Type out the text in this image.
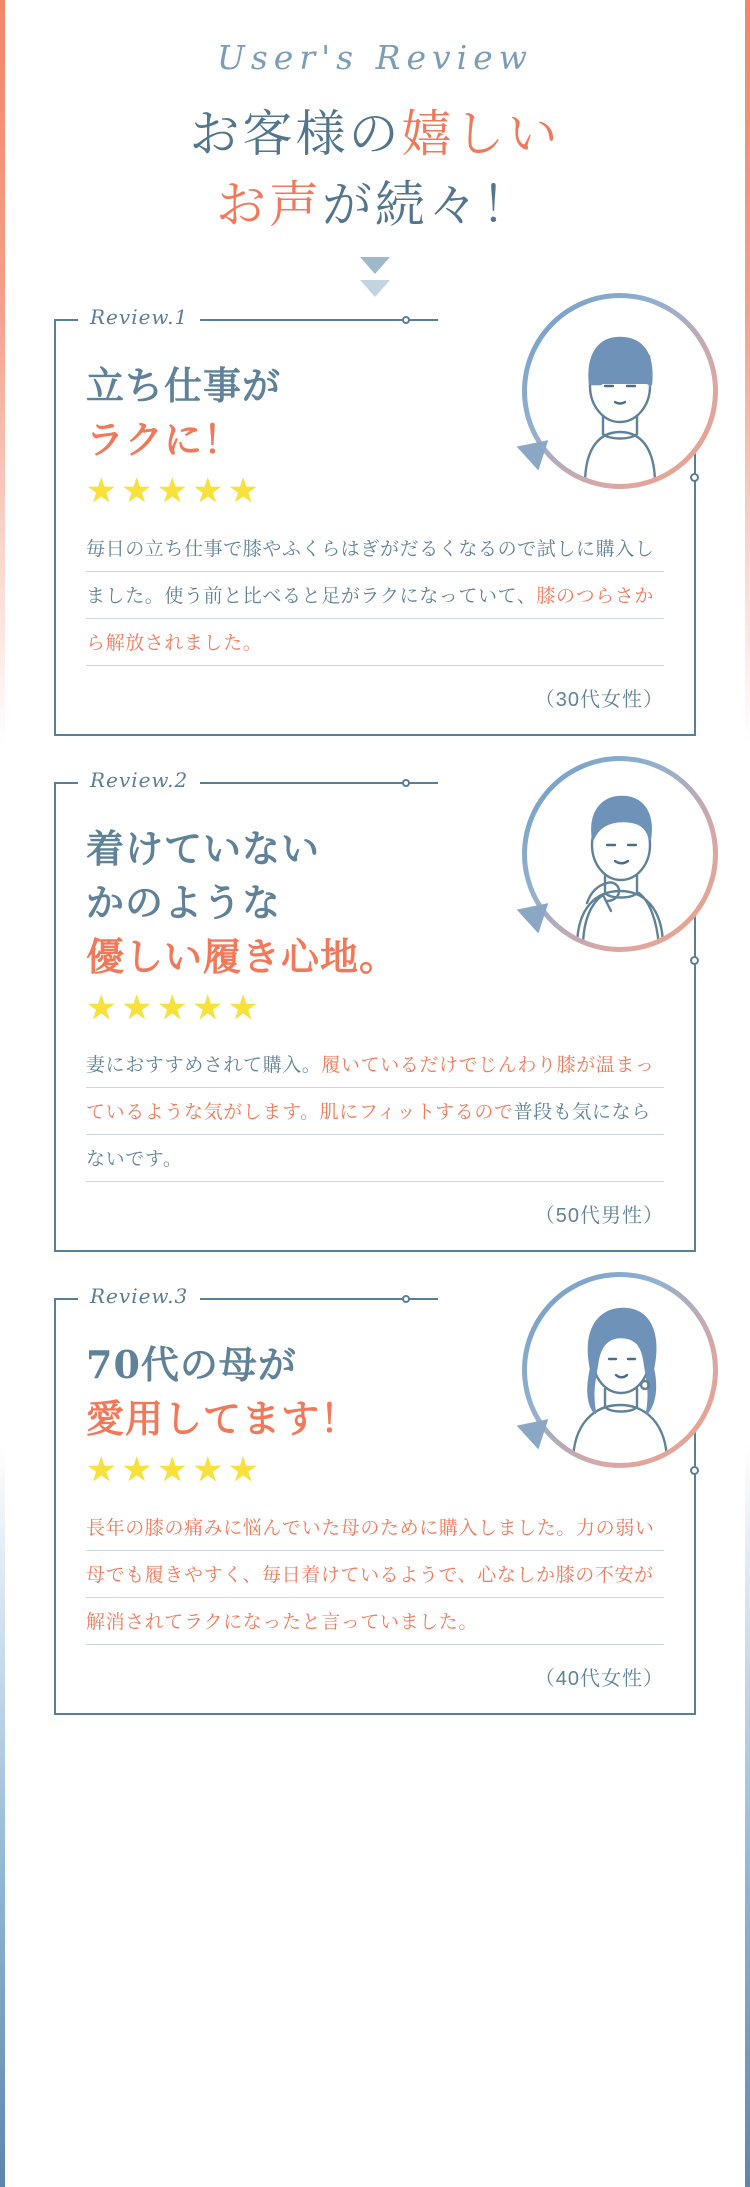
User's Review
お客様の嬉しい
お声が続々！
Review.1
立ち仕事が
ラクに！
★★★★★
毎日の立ち仕事で膝やふくらはぎがだるくなるので試しに購入しました。使う前と比べると足がラクになっていて、膝のつらさから解放されました。
（30代女性）
Review.2
着けていない
かのような
優しい履き心地。
★★★★★
妻におすすめされて購入。履いているだけでじんわり膝が温まっているような気がします。肌にフィットするので普段も気にならないです。
（50代男性）
Review.3
70代の母が
愛用してます！
★★★★★
長年の膝の痛みに悩んでいた母のために購入しました。力の弱い母でも履きやすく、毎日着けているようで、心なしか膝の不安が解消されてラクになったと言っていました。
（40代女性）
